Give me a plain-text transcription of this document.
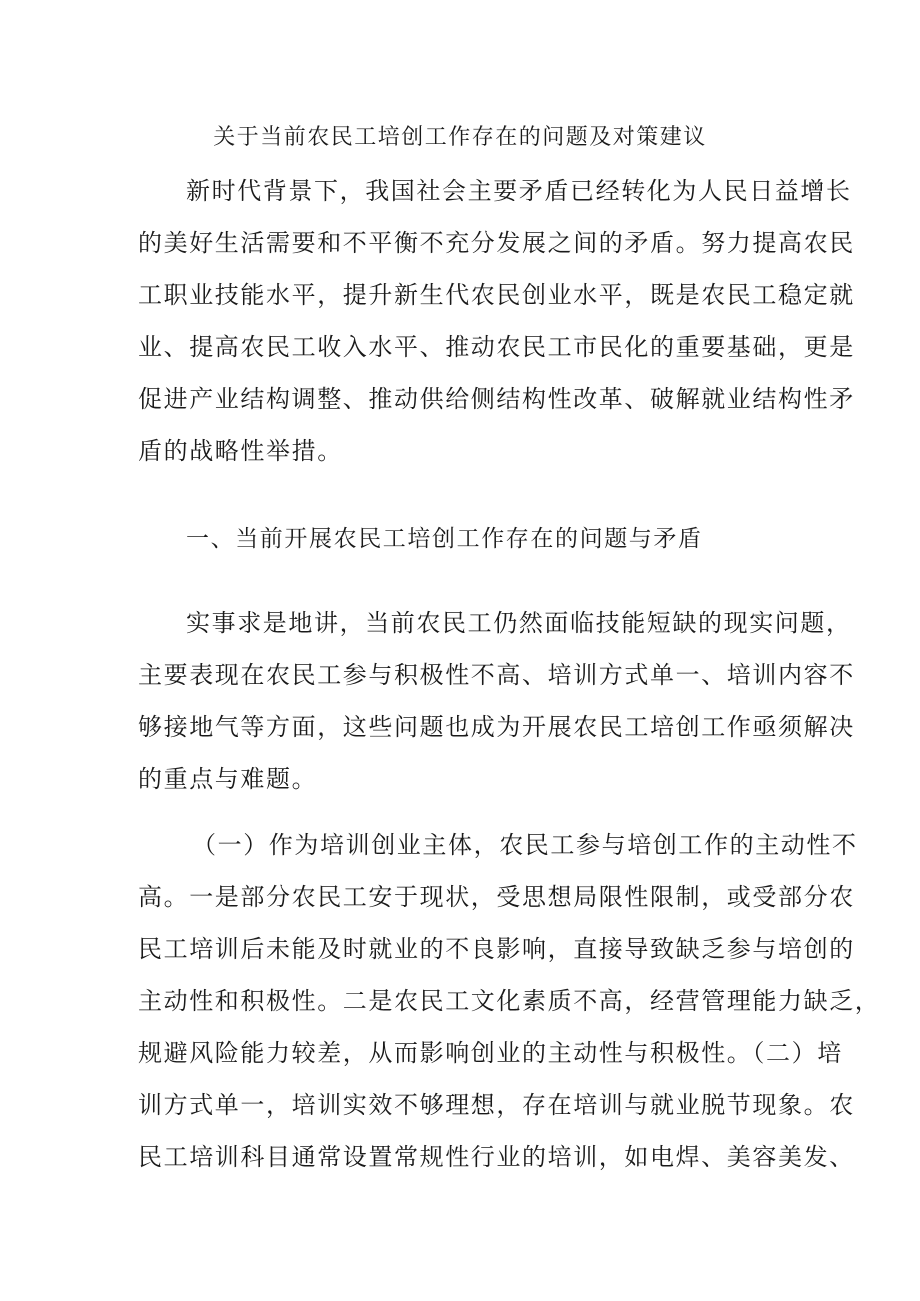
关于当前农民工培创工作存在的问题及对策建议
新时代背景下，我国社会主要矛盾已经转化为人民日益增长
的美好生活需要和不平衡不充分发展之间的矛盾。努力提高农民
工职业技能水平，提升新生代农民创业水平，既是农民工稳定就
业、提高农民工收入水平、推动农民工市民化的重要基础，更是
促进产业结构调整、推动供给侧结构性改革、破解就业结构性矛
盾的战略性举措。
一、当前开展农民工培创工作存在的问题与矛盾
实事求是地讲，当前农民工仍然面临技能短缺的现实问题，
主要表现在农民工参与积极性不高、培训方式单一、培训内容不
够接地气等方面，这些问题也成为开展农民工培创工作亟须解决
的重点与难题。
（一）作为培训创业主体，农民工参与培创工作的主动性不
高。一是部分农民工安于现状，受思想局限性限制，或受部分农
民工培训后未能及时就业的不良影响，直接导致缺乏参与培创的
主动性和积极性。二是农民工文化素质不高，经营管理能力缺乏，
规避风险能力较差，从而影响创业的主动性与积极性。（二）培
训方式单一，培训实效不够理想，存在培训与就业脱节现象。农
民工培训科目通常设置常规性行业的培训，如电焊、美容美发、
